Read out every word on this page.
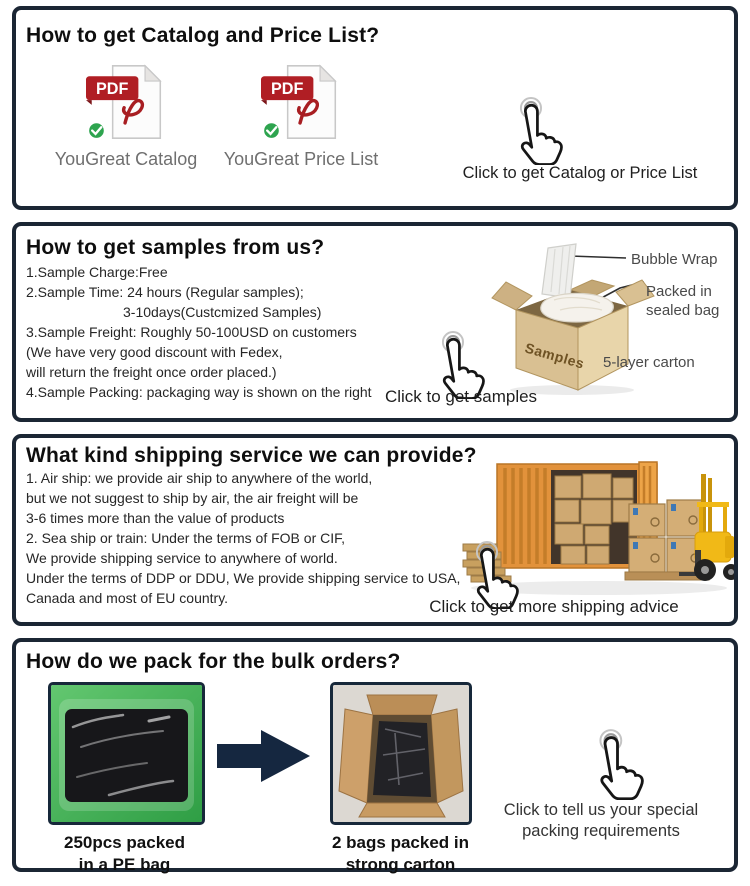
How to get Catalog and Price List?
PDF
YouGreat Catalog
PDF
YouGreat Price List
Click to get Catalog or Price List
How to get samples from us?
1.Sample Charge:Free
2.Sample Time: 24 hours (Regular samples);
3-10days(Custcmized Samples)
3.Sample Freight: Roughly 50-100USD on customers
(We have very good discount with Fedex,
will return the freight once order placed.)
4.Sample Packing: packaging way is shown on the right
Samples
Bubble Wrap
Packed in
sealed bag
5-layer carton
Click to get samples
What kind shipping service we can provide?
1. Air ship: we provide air ship to anywhere of the world,
but we not suggest to ship by air, the air freight will be
3-6 times more than the value of products
2. Sea ship or train: Under the terms of FOB or CIF,
We provide shipping service to anywhere of world.
Under the terms of DDP or DDU, We provide shipping service to USA,
Canada and most of EU country.	Click to get more shipping advice
How do we pack for the bulk orders?
250pcs packed
in a PE bag
2 bags packed in
strong carton
Click to tell us your special
packing requirements
